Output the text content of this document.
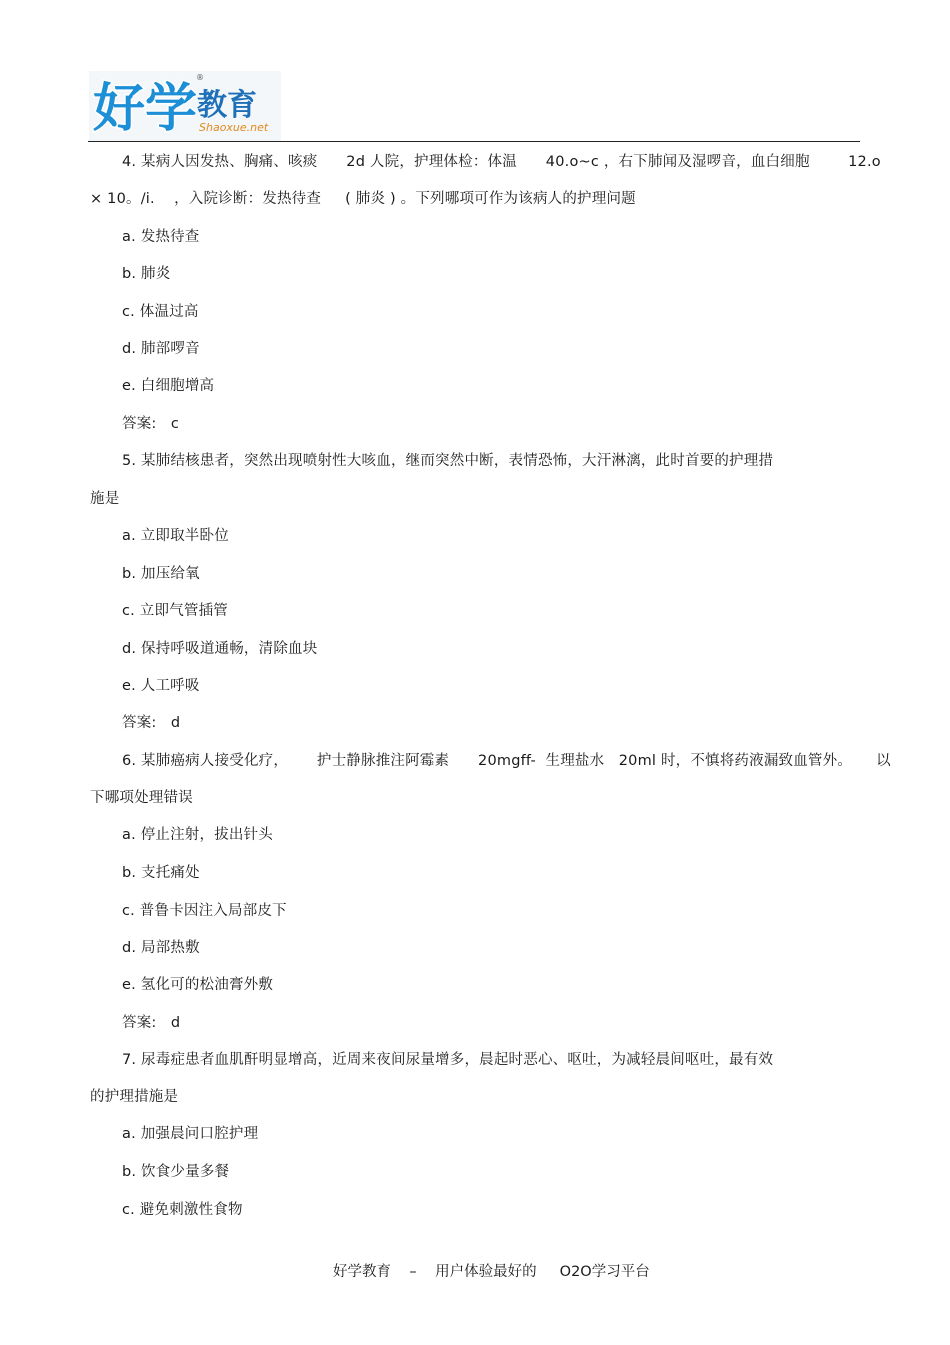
好学 教育
®
Shaoxue.net
4. 某病人因发热、胸痛、咳痰      2d 人院，护理体检：体温      40.o~c ，右下肺闻及湿啰音，血白细胞        12.o
× 10。/i.    ，入院诊断：发热待查     ( 肺炎 ) 。下列哪项可作为该病人的护理问题
a. 发热待查
b. 肺炎
c. 体温过高
d. 肺部啰音
e. 白细胞增高
答案:   c
5. 某肺结核患者，突然出现喷射性大咳血，继而突然中断，表情恐怖，大汗淋漓，此时首要的护理措
施是
a. 立即取半卧位
b. 加压给氧
c. 立即气管插管
d. 保持呼吸道通畅，清除血块
e. 人工呼吸
答案:   d
6. 某肺癌病人接受化疗，      护士静脉推注阿霉素      20mgff-  生理盐水   20ml 时，不慎将药液漏致血管外。     以
下哪项处理错误
a. 停止注射，拔出针头
b. 支托痛处
c. 普鲁卡因注入局部皮下
d. 局部热敷
e. 氢化可的松油膏外敷
答案:   d
7. 尿毒症患者血肌酐明显增高，近周来夜间尿量增多，晨起时恶心、呕吐，为减轻晨间呕吐，最有效
的护理措施是
a. 加强晨问口腔护理
b. 饮食少量多餐
c. 避免刺激性食物
好学教育    –    用户体验最好的     O2O学习平台
